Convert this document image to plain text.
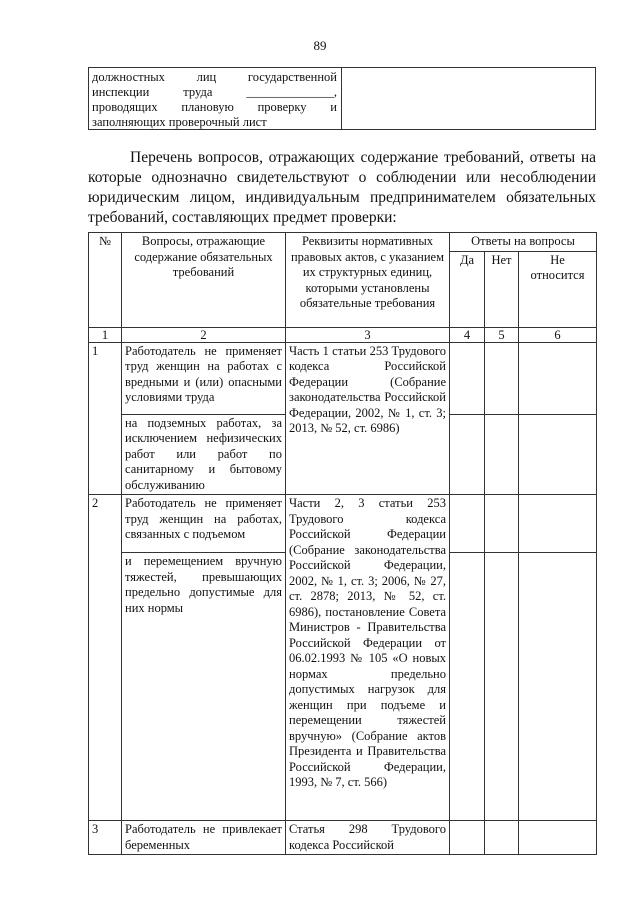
89
должностных лиц государственной
инспекции труда ______________,
проводящих плановую проверку и
заполняющих проверочный лист
Перечень вопросов, отражающих содержание требований, ответы на которые однозначно свидетельствуют о соблюдении или несоблюдении юридическим лицом, индивидуальным предпринимателем обязательных требований, составляющих предмет проверки:
№	Вопросы, отражающие содержание обязательных требований	Реквизиты нормативных правовых актов, с указанием их структурных единиц, которыми установлены обязательные требования	Ответы на вопросы		
			Да	Нет	Не относится
1	2	3	4	5	6
1	Работодатель не применяет труд женщин на работах с вредными и (или) опасными условиями труда	Часть 1 статьи 253 Трудового кодекса Российской Федерации (Собрание законодательства Российской Федерации, 2002, № 1, ст. 3; 2013, № 52, ст. 6986)			
	на подземных работах, за исключением нефизических работ или работ по санитарному и бытовому обслуживанию				
2	Работодатель не применяет труд женщин на работах, связанных с подъемом	Части 2, 3 статьи 253 Трудового кодекса Российской Федерации (Собрание законодательства Российской Федерации, 2002, № 1, ст. 3; 2006, № 27, ст. 2878; 2013, № 52, ст. 6986), постановление Совета Министров - Правительства Российской Федерации от 06.02.1993 № 105 «О новых нормах предельно допустимых нагрузок для женщин при подъеме и перемещении тяжестей вручную» (Собрание актов Президента и Правительства Российской Федерации, 1993, № 7, ст. 566)			
	и перемещением вручную тяжестей, превышающих предельно допустимые для них нормы				
3	Работодатель не привлекает беременных	Статья 298 Трудового кодекса Российской			
